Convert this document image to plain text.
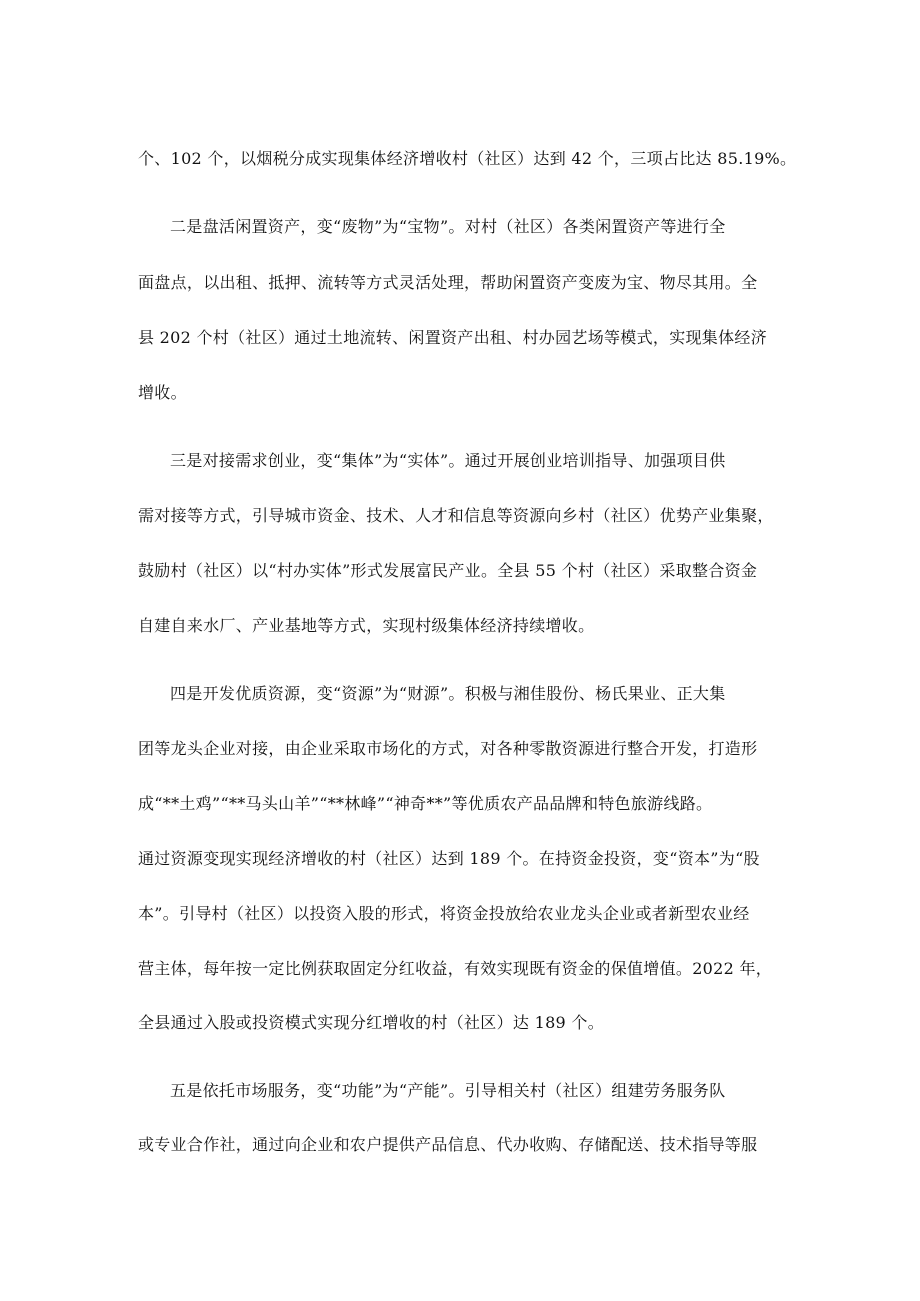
个、102 个，以烟税分成实现集体经济增收村（社区）达到 42 个，三项占比达 85.19%。
二是盘活闲置资产，变“废物”为“宝物”。对村（社区）各类闲置资产等进行全
面盘点，以出租、抵押、流转等方式灵活处理，帮助闲置资产变废为宝、物尽其用。全
县 202 个村（社区）通过土地流转、闲置资产出租、村办园艺场等模式，实现集体经济
增收。
三是对接需求创业，变“集体”为“实体”。通过开展创业培训指导、加强项目供
需对接等方式，引导城市资金、技术、人才和信息等资源向乡村（社区）优势产业集聚，
鼓励村（社区）以“村办实体”形式发展富民产业。全县 55 个村（社区）采取整合资金
自建自来水厂、产业基地等方式，实现村级集体经济持续增收。
四是开发优质资源，变“资源”为“财源”。积极与湘佳股份、杨氏果业、正大集
团等龙头企业对接，由企业采取市场化的方式，对各种零散资源进行整合开发，打造形
成“**土鸡”“**马头山羊”“**林峰”“神奇**”等优质农产品品牌和特色旅游线路。
通过资源变现实现经济增收的村（社区）达到 189 个。在持资金投资，变“资本”为“股
本”。引导村（社区）以投资入股的形式，将资金投放给农业龙头企业或者新型农业经
营主体，每年按一定比例获取固定分红收益，有效实现既有资金的保值增值。2022 年，
全县通过入股或投资模式实现分红增收的村（社区）达 189 个。
五是依托市场服务，变“功能”为“产能”。引导相关村（社区）组建劳务服务队
或专业合作社，通过向企业和农户提供产品信息、代办收购、存储配送、技术指导等服
